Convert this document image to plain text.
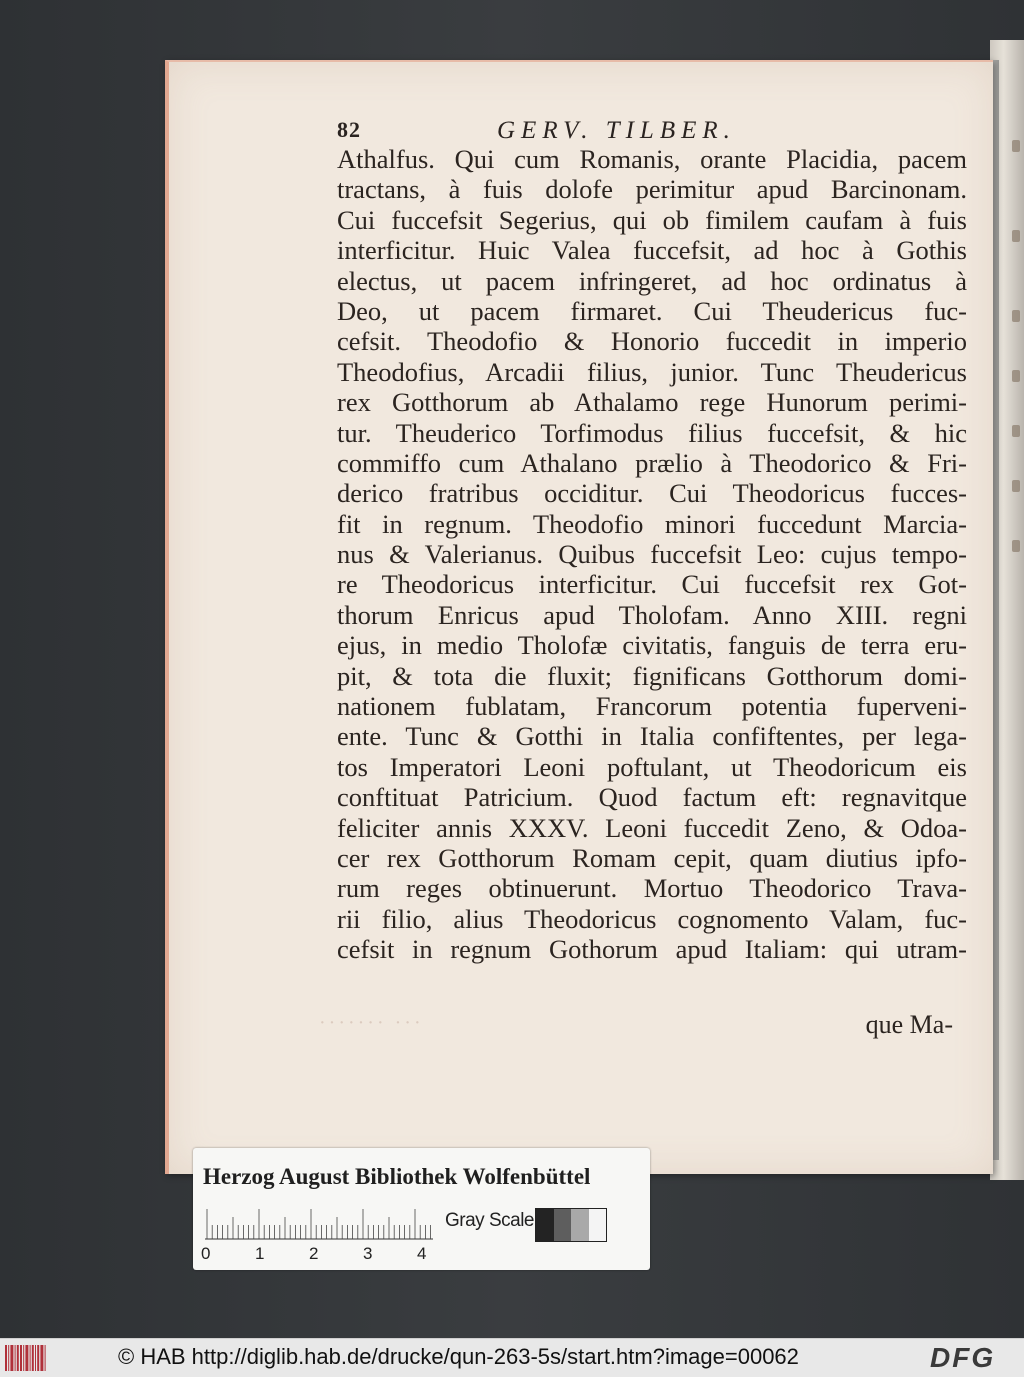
82	GERV. TILBER.
Athalfus. Qui cum Romanis, orante Placidia, pacem
tractans, à fuis dolofe perimitur apud Barcinonam.
Cui fuccefsit Segerius, qui ob fimilem caufam à fuis
interficitur. Huic Valea fuccefsit, ad hoc à Gothis
electus, ut pacem infringeret, ad hoc ordinatus à
Deo, ut pacem firmaret. Cui Theudericus fuc-
cefsit. Theodofio & Honorio fuccedit in imperio
Theodofius, Arcadii filius, junior. Tunc Theudericus
rex Gotthorum ab Athalamo rege Hunorum perimi-
tur. Theuderico Torfimodus filius fuccefsit, & hic
commiffo cum Athalano prælio à Theodorico & Fri-
derico fratribus occiditur. Cui Theodoricus fucces-
fit in regnum. Theodofio minori fuccedunt Marcia-
nus & Valerianus. Quibus fuccefsit Leo: cujus tempo-
re Theodoricus interficitur. Cui fuccefsit rex Got-
thorum Enricus apud Tholofam. Anno XIII. regni
ejus, in medio Tholofæ civitatis, fanguis de terra eru-
pit, & tota die fluxit; fignificans Gotthorum domi-
nationem fublatam, Francorum potentia fuperveni-
ente. Tunc & Gotthi in Italia confiftentes, per lega-
tos Imperatori Leoni poftulant, ut Theodoricum eis
conftituat Patricium. Quod factum eft: regnavitque
feliciter annis XXXV. Leoni fuccedit Zeno, & Odoa-
cer rex Gotthorum Romam cepit, quam diutius ipfo-
rum reges obtinuerunt. Mortuo Theodorico Trava-
rii filio, alius Theodoricus cognomento Valam, fuc-
cefsit in regnum Gothorum apud Italiam: qui utram-
······· ···	que Ma-
Herzog August Bibliothek Wolfenbüttel
0	1	2	3	4
Gray Scale
© HAB http://diglib.hab.de/drucke/qun-263-5s/start.htm?image=00062	DFG
